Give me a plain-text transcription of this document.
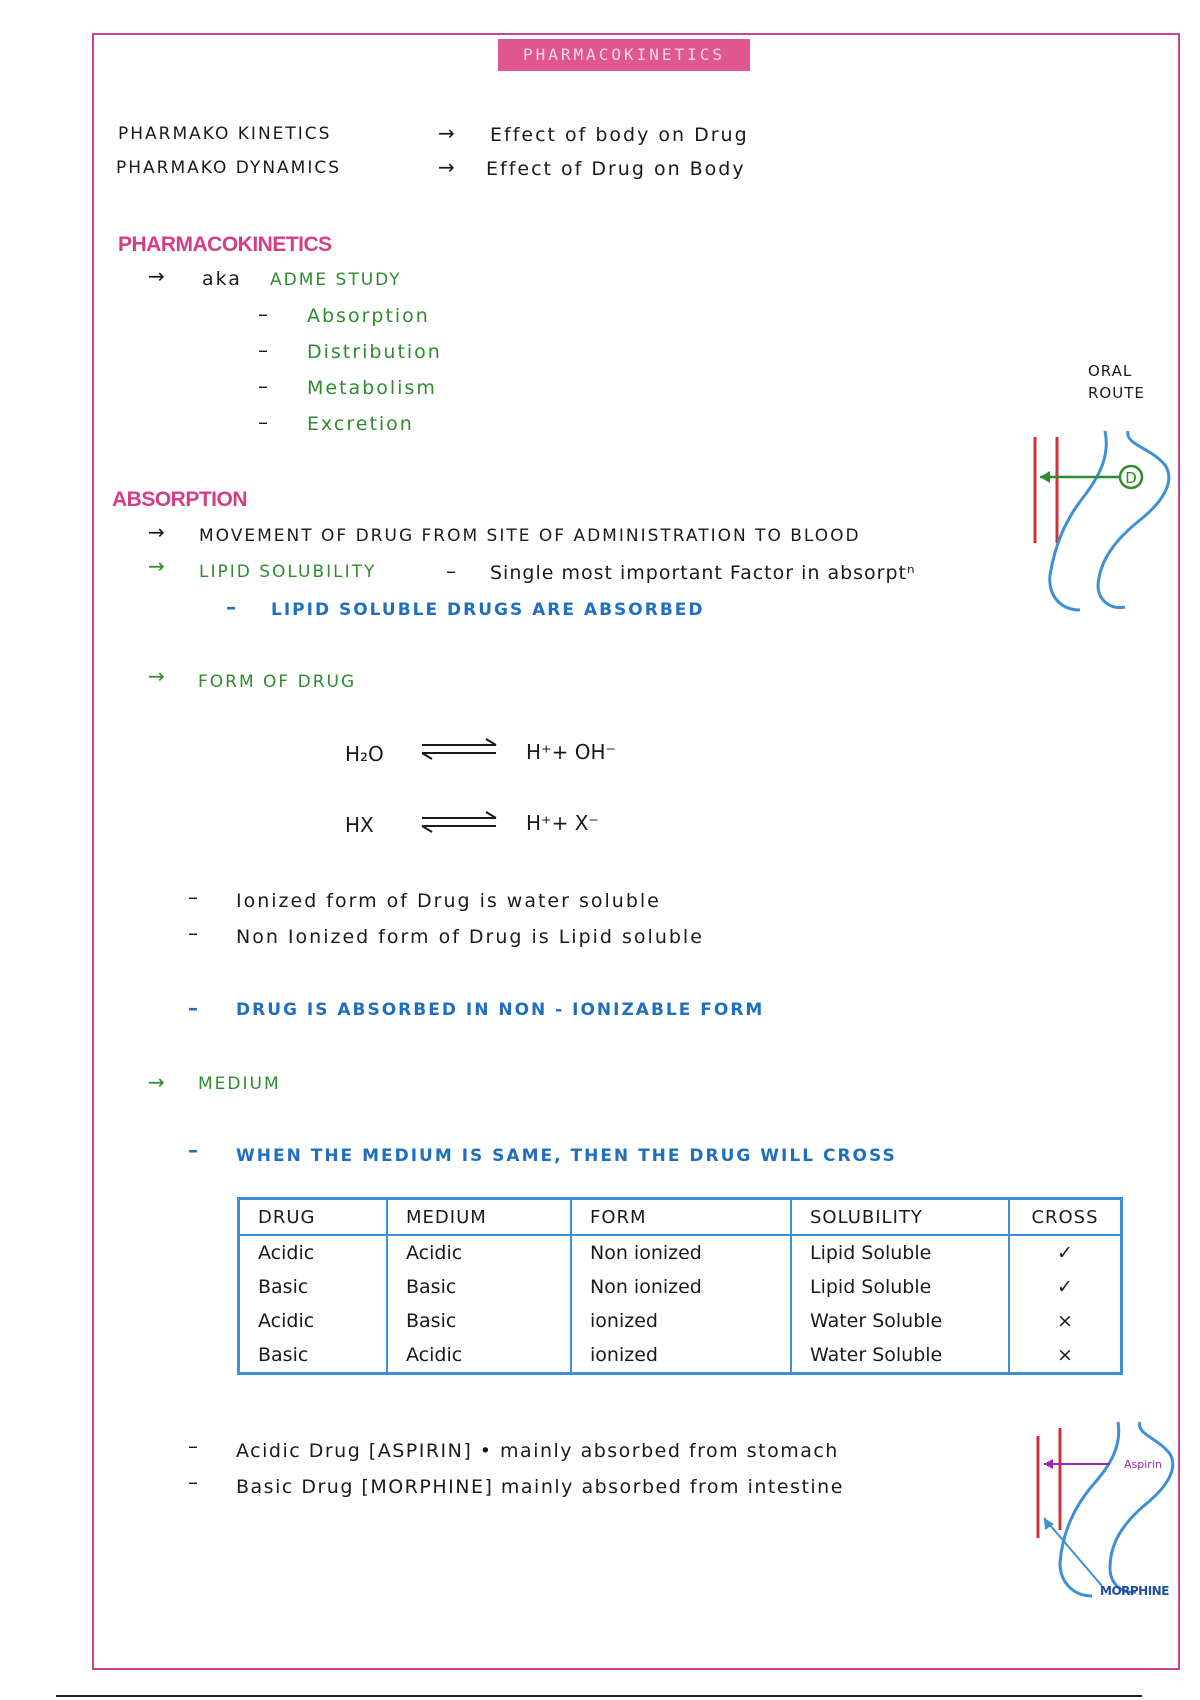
PHARMACOKINETICS
PHARMAKO KINETICS	→ Effect of body on Drug
PHARMAKO DYNAMICS	→ Effect of Drug on Body
PHARMACOKINETICS
→ aka ADME STUDY
– Absorption
– Distribution
– Metabolism
– Excretion
ORAL
ROUTE
D
ABSORPTION
→ MOVEMENT OF DRUG FROM SITE OF ADMINISTRATION TO BLOOD
→ LIPID SOLUBILITY	– Single most important Factor in absorptⁿ
– LIPID SOLUBLE DRUGS ARE ABSORBED
→ FORM OF DRUG
H₂O	H⁺+ OH⁻
HX	H⁺+ X⁻
– Ionized form of Drug is water soluble
– Non Ionized form of Drug is Lipid soluble
– DRUG IS ABSORBED IN NON - IONIZABLE FORM
→ MEDIUM
– WHEN THE MEDIUM IS SAME, THEN THE DRUG WILL CROSS
DRUG	MEDIUM	FORM	SOLUBILITY	CROSS
Acidic	Acidic	Non ionized	Lipid Soluble	✓
Basic	Basic	Non ionized	Lipid Soluble	✓
Acidic	Basic	ionized	Water Soluble	×
Basic	Acidic	ionized	Water Soluble	×
– Acidic Drug [ASPIRIN] • mainly absorbed from stomach
– Basic Drug [MORPHINE] mainly absorbed from intestine
Aspirin
MORPHINE
